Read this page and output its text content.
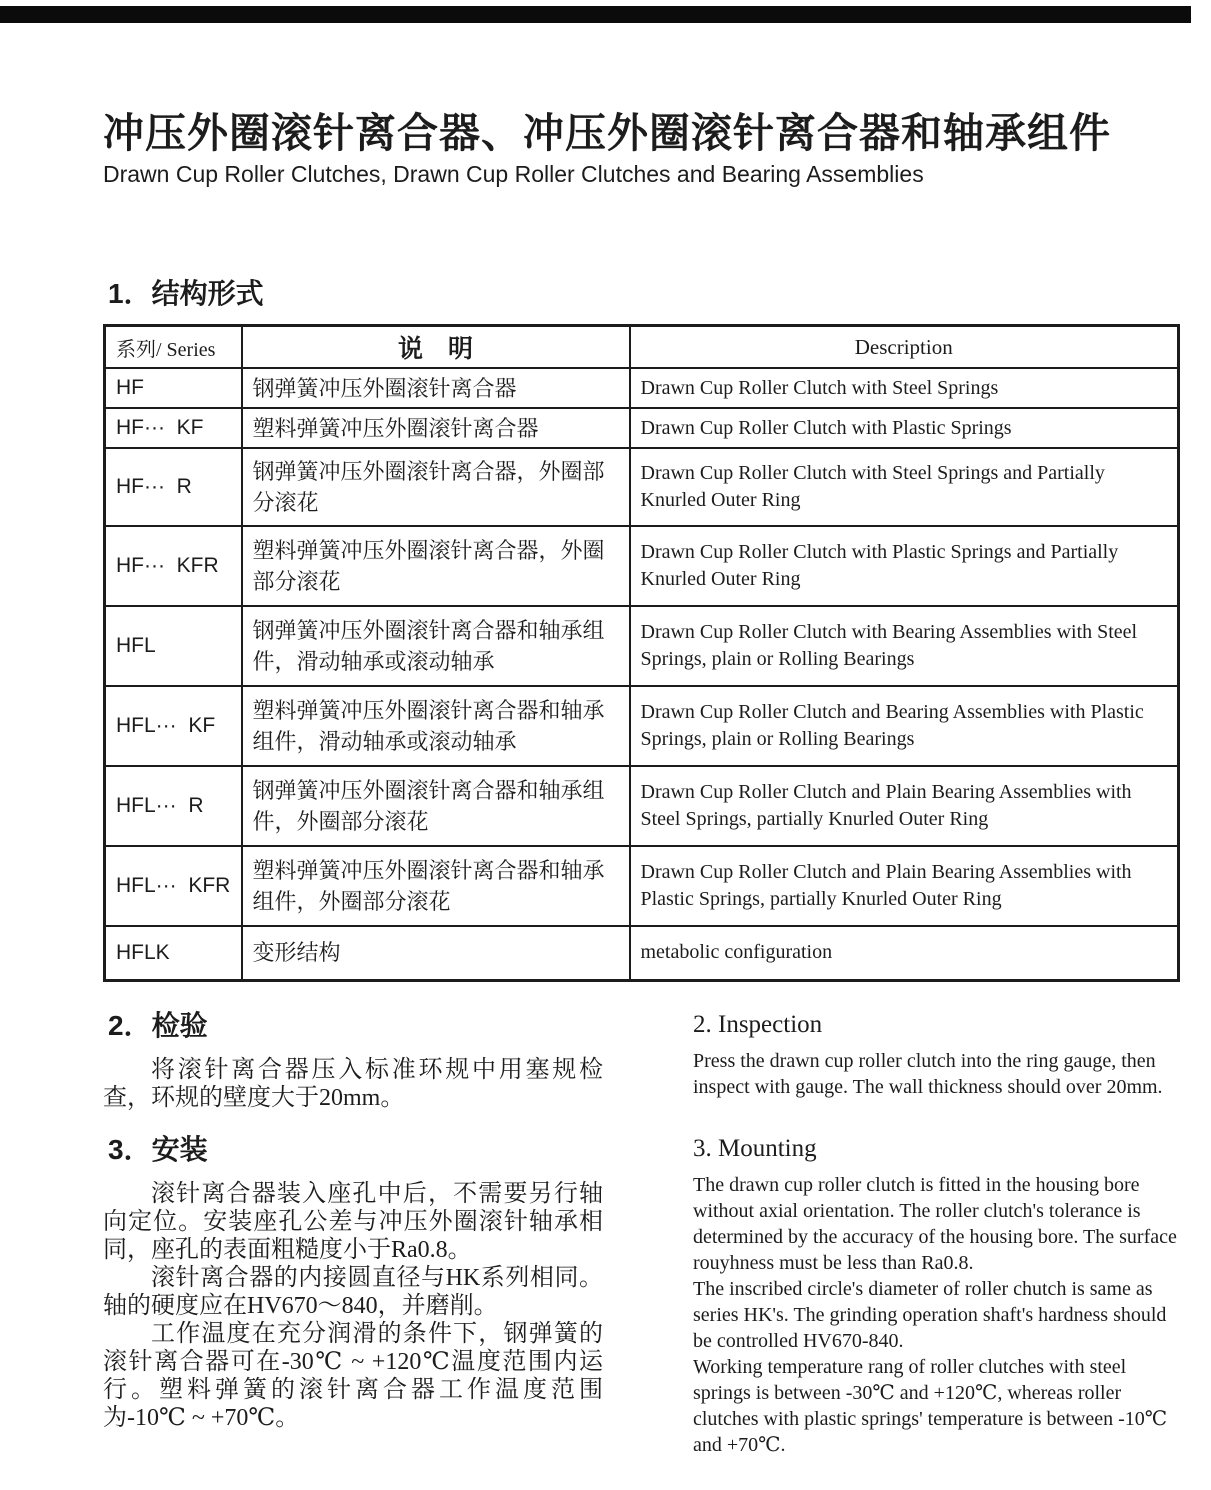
冲压外圈滚针离合器、冲压外圈滚针离合器和轴承组件
Drawn Cup Roller Clutches, Drawn Cup Roller Clutches and Bearing Assemblies
1．结构形式
系列/ Series	说　明	Description
HF	钢弹簧冲压外圈滚针离合器	Drawn Cup Roller Clutch with Steel Springs
HF···  KF	塑料弹簧冲压外圈滚针离合器	Drawn Cup Roller Clutch with Plastic Springs
HF···  R	钢弹簧冲压外圈滚针离合器，外圈部分滚花	Drawn Cup Roller Clutch with Steel Springs and Partially Knurled Outer Ring
HF···  KFR	塑料弹簧冲压外圈滚针离合器，外圈部分滚花	Drawn Cup Roller Clutch with Plastic Springs and Partially Knurled Outer Ring
HFL	钢弹簧冲压外圈滚针离合器和轴承组件，滑动轴承或滚动轴承	Drawn Cup Roller Clutch with Bearing Assemblies with Steel Springs, plain or Rolling Bearings
HFL···  KF	塑料弹簧冲压外圈滚针离合器和轴承组件，滑动轴承或滚动轴承	Drawn Cup Roller Clutch and Bearing Assemblies with Plastic Springs, plain or Rolling Bearings
HFL···  R	钢弹簧冲压外圈滚针离合器和轴承组件，外圈部分滚花	Drawn Cup Roller Clutch and Plain Bearing Assemblies with Steel Springs, partially Knurled Outer Ring
HFL···  KFR	塑料弹簧冲压外圈滚针离合器和轴承组件，外圈部分滚花	Drawn Cup Roller Clutch and Plain Bearing Assemblies with Plastic Springs, partially Knurled Outer Ring
HFLK	变形结构	metabolic configuration
2．检验

将滚针离合器压入标准环规中用塞规检查，环规的壁度大于20mm。

2. Inspection

Press the drawn cup roller clutch into the ring gauge, then inspect with gauge. The wall thickness should over 20mm.

3．安装

滚针离合器装入座孔中后，不需要另行轴向定位。安装座孔公差与冲压外圈滚针轴承相同，座孔的表面粗糙度小于Ra0.8。

滚针离合器的内接圆直径与HK系列相同。轴的硬度应在HV670～840，并磨削。

工作温度在充分润滑的条件下，钢弹簧的滚针离合器可在-30℃ ~ +120℃温度范围内运行。塑料弹簧的滚针离合器工作温度范围为-10℃ ~ +70℃。

3. Mounting

The drawn cup roller clutch is fitted in the housing bore without axial orientation. The roller clutch's tolerance is determined by the accuracy of the housing bore. The surface rouyhness must be less than Ra0.8.

The inscribed circle's diameter of roller chutch is same as series HK's. The grinding operation shaft's hardness should be controlled HV670-840.

Working temperature rang of roller clutches with steel springs is between -30℃ and +120℃, whereas roller clutches with plastic springs' temperature is between -10℃ and +70℃.
